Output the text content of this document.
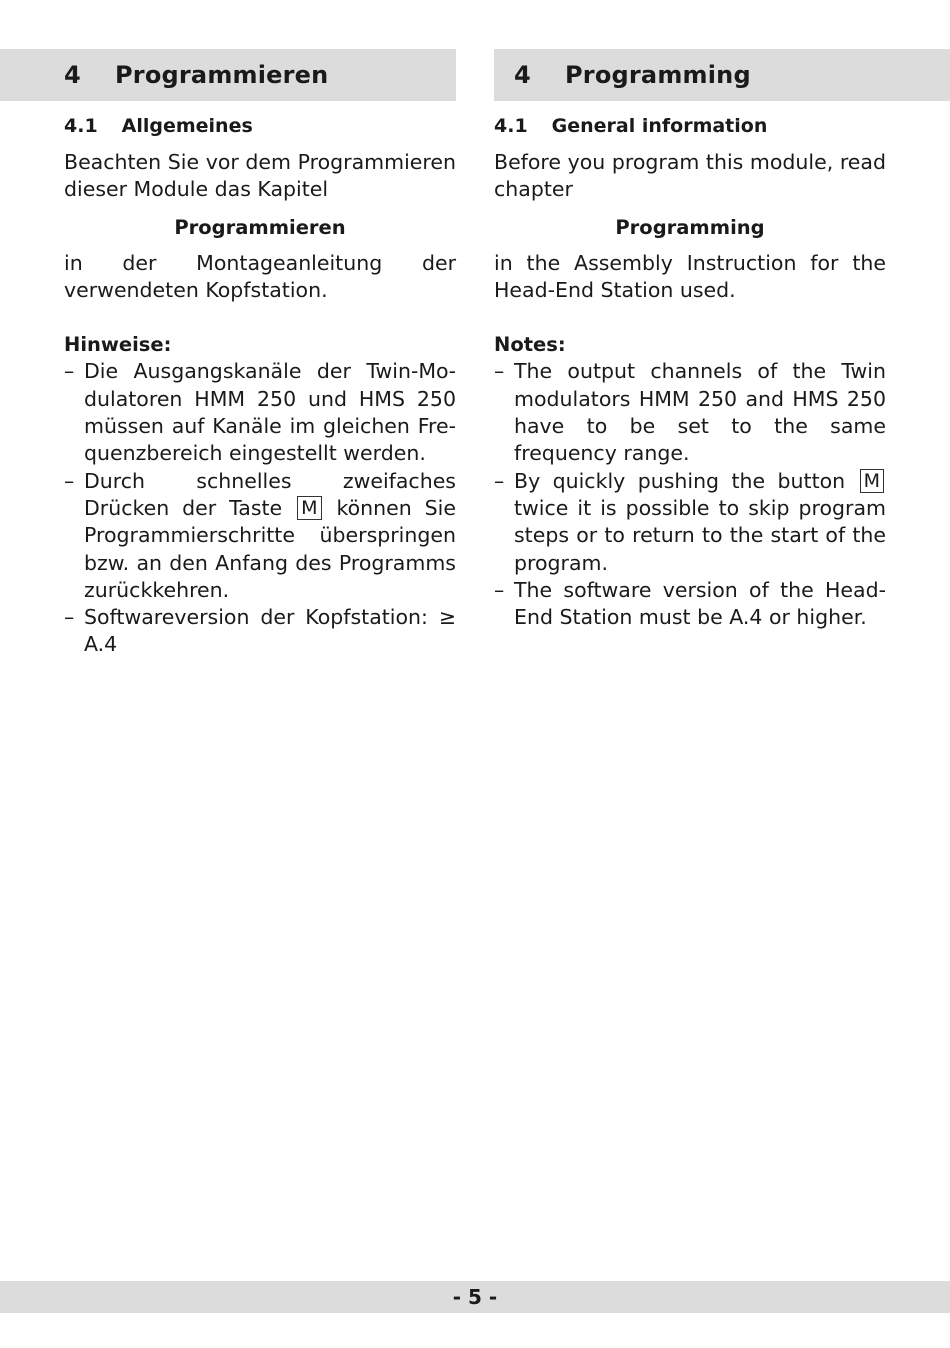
4	Programmieren
4.1 Allgemeines

Beachten Sie vor dem Programmieren dieser Module das Kapitel

Programmieren

in der Montageanleitung der verwendeten Kopfstation.

Hinweise:
– Die Ausgangskanäle der Twin-Modulatoren HMM 250 und HMS 250 müssen auf Kanäle im gleichen Frequenzbereich eingestellt werden.
– Durch schnelles zweifaches Drücken der Taste M können Sie Programmierschritte überspringen bzw. an den Anfang des Programms zurückkehren.
– Softwareversion der Kopfstation: ≥ A.4
4	Programming
4.1 General information

Before you program this module, read chapter

Programming

in the Assembly Instruction for the Head-End Station used.

Notes:
– The output channels of the Twin modulators HMM 250 and HMS 250 have to be set to the same frequency range.
– By quickly pushing the button M twice it is possible to skip program steps or to return to the start of the program.
– The software version of the Head-End Station must be A.4 or higher.
- 5 -
